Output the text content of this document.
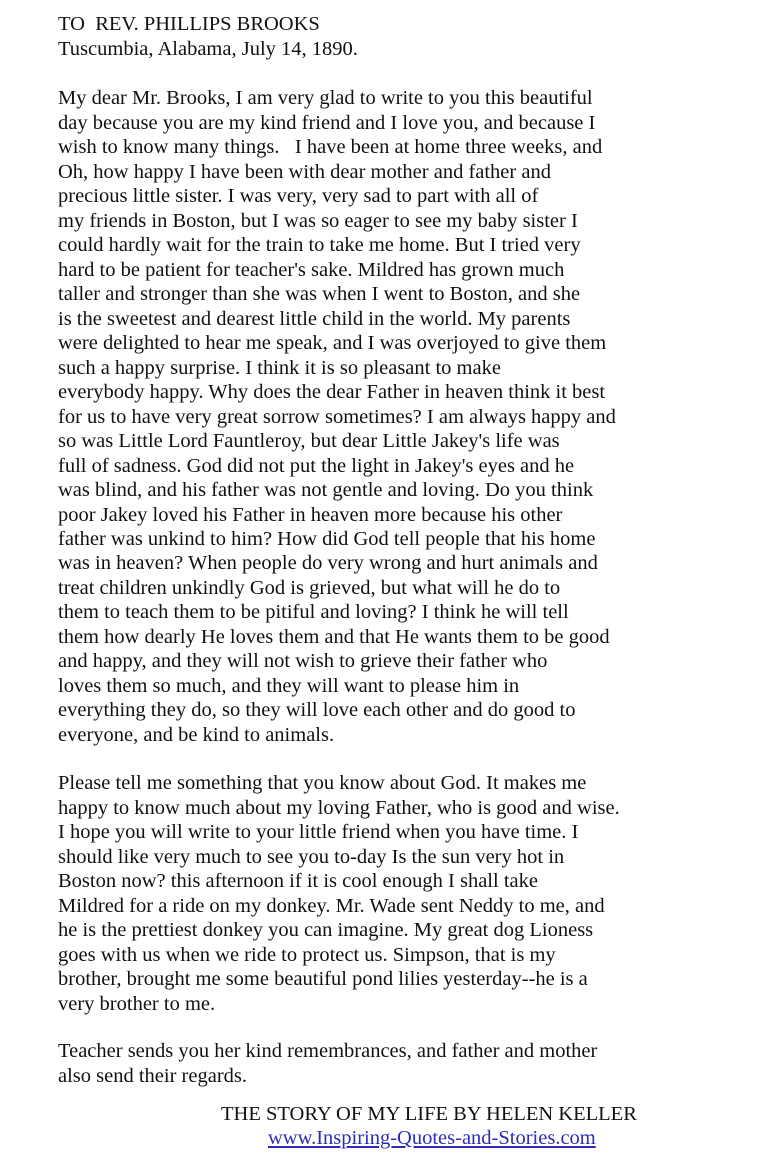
TO  REV. PHILLIPS BROOKS
Tuscumbia, Alabama, July 14, 1890.
My dear Mr. Brooks, I am very glad to write to you this beautiful
day because you are my kind friend and I love you, and because I
wish to know many things.   I have been at home three weeks, and
Oh, how happy I have been with dear mother and father and
precious little sister. I was very, very sad to part with all of
my friends in Boston, but I was so eager to see my baby sister I
could hardly wait for the train to take me home. But I tried very
hard to be patient for teacher's sake. Mildred has grown much
taller and stronger than she was when I went to Boston, and she
is the sweetest and dearest little child in the world. My parents
were delighted to hear me speak, and I was overjoyed to give them
such a happy surprise. I think it is so pleasant to make
everybody happy. Why does the dear Father in heaven think it best
for us to have very great sorrow sometimes? I am always happy and
so was Little Lord Fauntleroy, but dear Little Jakey's life was
full of sadness. God did not put the light in Jakey's eyes and he
was blind, and his father was not gentle and loving. Do you think
poor Jakey loved his Father in heaven more because his other
father was unkind to him? How did God tell people that his home
was in heaven? When people do very wrong and hurt animals and
treat children unkindly God is grieved, but what will he do to
them to teach them to be pitiful and loving? I think he will tell
them how dearly He loves them and that He wants them to be good
and happy, and they will not wish to grieve their father who
loves them so much, and they will want to please him in
everything they do, so they will love each other and do good to
everyone, and be kind to animals.
Please tell me something that you know about God. It makes me
happy to know much about my loving Father, who is good and wise.
I hope you will write to your little friend when you have time. I
should like very much to see you to-day Is the sun very hot in
Boston now? this afternoon if it is cool enough I shall take
Mildred for a ride on my donkey. Mr. Wade sent Neddy to me, and
he is the prettiest donkey you can imagine. My great dog Lioness
goes with us when we ride to protect us. Simpson, that is my
brother, brought me some beautiful pond lilies yesterday--he is a
very brother to me.
Teacher sends you her kind remembrances, and father and mother
also send their regards.
THE STORY OF MY LIFE BY HELEN KELLER
www.Inspiring-Quotes-and-Stories.com
